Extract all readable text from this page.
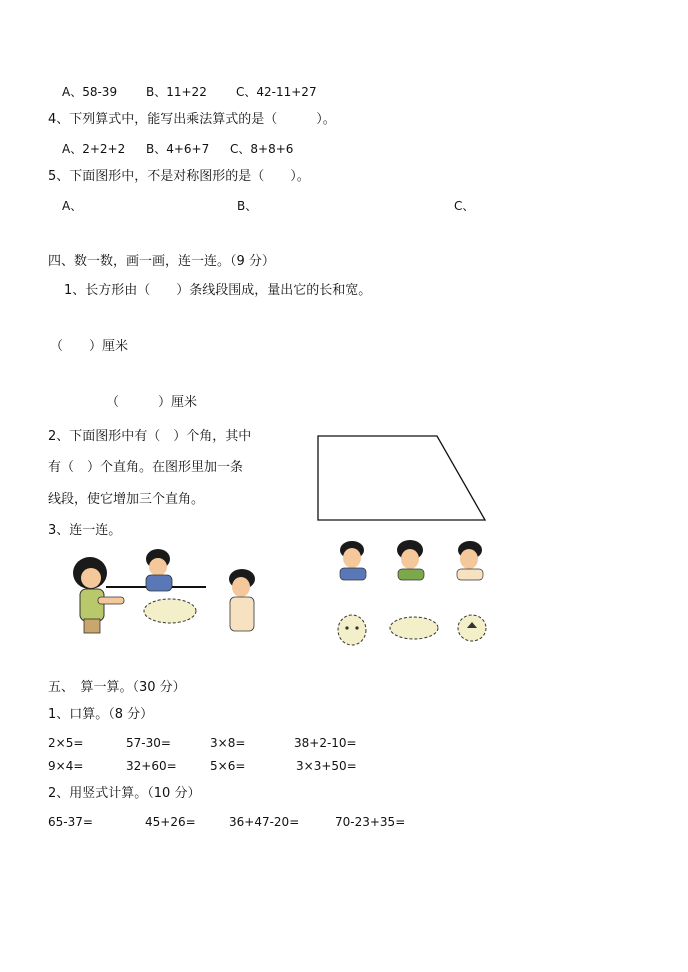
A、58-39 B、11+22 C、42-11+27
4、下列算式中，能写出乘法算式的是（　　　）。
A、2+2+2 B、4+6+7 C、8+8+6
5、下面图形中，不是对称图形的是（　　）。
A、	B、	C、
四、数一数，画一画，连一连。（9 分）
1、长方形由（　　）条线段围成，量出它的长和宽。
（　　）厘米
（　　　）厘米
2、下面图形中有（　）个角，其中
有（　）个直角。在图形里加一条
线段，使它增加三个直角。
3、连一连。
五、　算一算。（30 分）
1、口算。（8 分）
2×5=	57-30=	3×8=	38+2-10=
9×4=	32+60=	5×6=	3×3+50=
2、用竖式计算。（10 分）
65-37=	45+26=	36+47-20=	70-23+35=
